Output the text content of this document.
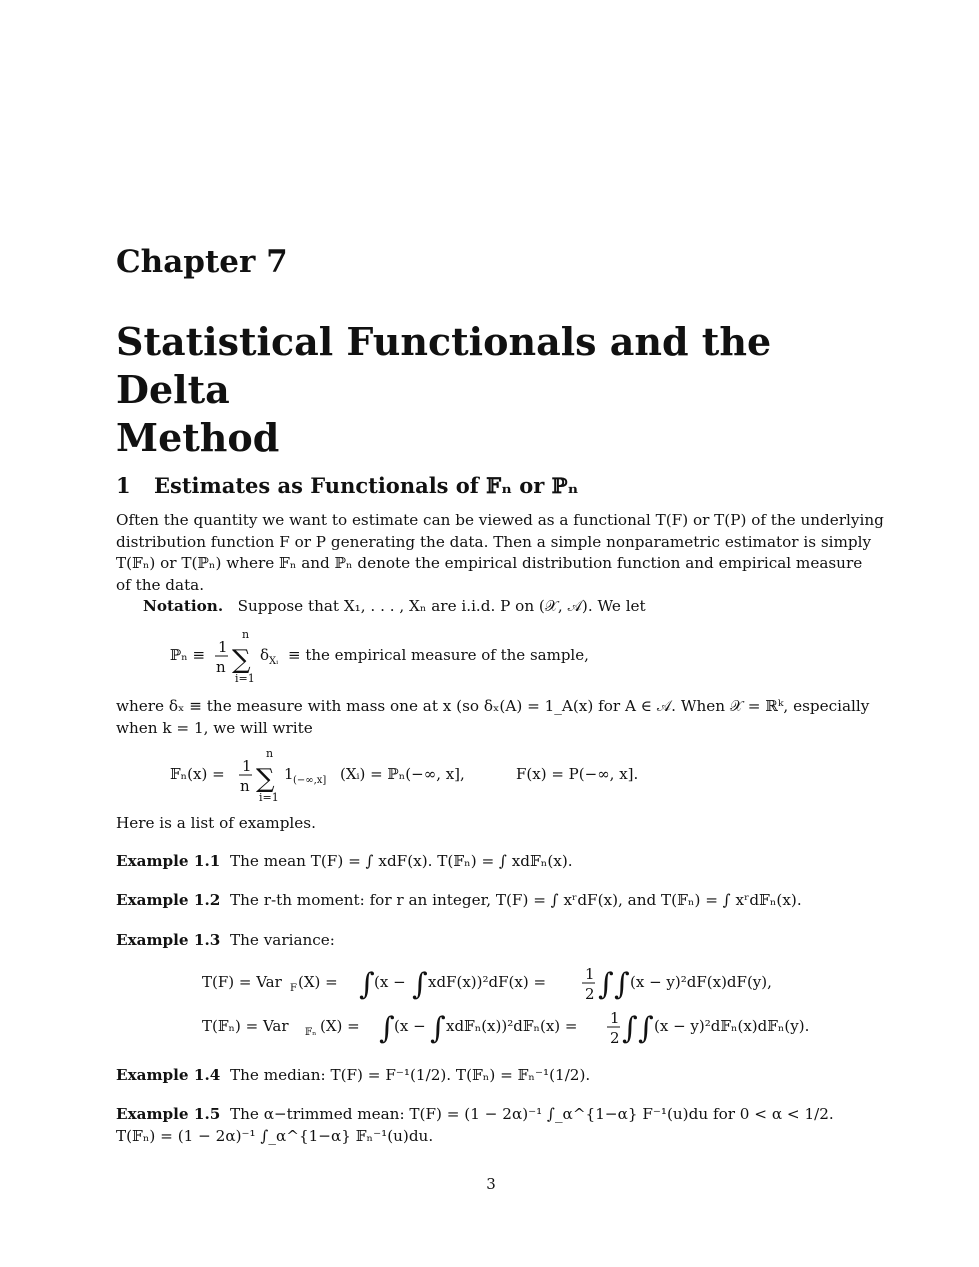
Chapter 7
Statistical Functionals and the Delta
Method
1 Estimates as Functionals of 𝔽ₙ or ℙₙ
Often the quantity we want to estimate can be viewed as a functional T(F) or T(P) of the underlying
distribution function F or P generating the data. Then a simple nonparametric estimator is simply
T(𝔽ₙ) or T(ℙₙ) where 𝔽ₙ and ℙₙ denote the empirical distribution function and empirical measure
of the data.
Notation. Suppose that X₁, . . . , Xₙ are i.i.d. P on (𝒳, 𝒜). We let
ℙₙ ≡ 1
n
n
∑
i=1
δ Xᵢ ≡ the empirical measure of the sample,
where δₓ ≡ the measure with mass one at x (so δₓ(A) = 1_A(x) for A ∈ 𝒜. When 𝒳 = ℝᵏ, especially
when k = 1, we will write
𝔽ₙ(x) = 1
n
n
∑
i=1
1 (−∞,x] (Xᵢ) = ℙₙ(−∞, x],	F(x) = P(−∞, x].
Here is a list of examples.
Example 1.1 The mean T(F) = ∫ xdF(x). T(𝔽ₙ) = ∫ xd𝔽ₙ(x).
Example 1.2 The r-th moment: for r an integer, T(F) = ∫ xʳdF(x), and T(𝔽ₙ) = ∫ xʳd𝔽ₙ(x).
Example 1.3 The variance:
T(F) = Var F (X) = ∫ (x − ∫ xdF(x))²dF(x) =	1
2 ∫ ∫ (x − y)²dF(x)dF(y),
T(𝔽ₙ) = Var 𝔽ₙ (X) = ∫ (x − ∫ xd𝔽ₙ(x))²d𝔽ₙ(x) = 1
2 ∫ ∫ (x − y)²d𝔽ₙ(x)d𝔽ₙ(y).
Example 1.4 The median: T(F) = F⁻¹(1/2). T(𝔽ₙ) = 𝔽ₙ⁻¹(1/2).
Example 1.5 The α−trimmed mean: T(F) = (1 − 2α)⁻¹ ∫_α^{1−α} F⁻¹(u)du for 0 < α < 1/2.
T(𝔽ₙ) = (1 − 2α)⁻¹ ∫_α^{1−α} 𝔽ₙ⁻¹(u)du.
3
